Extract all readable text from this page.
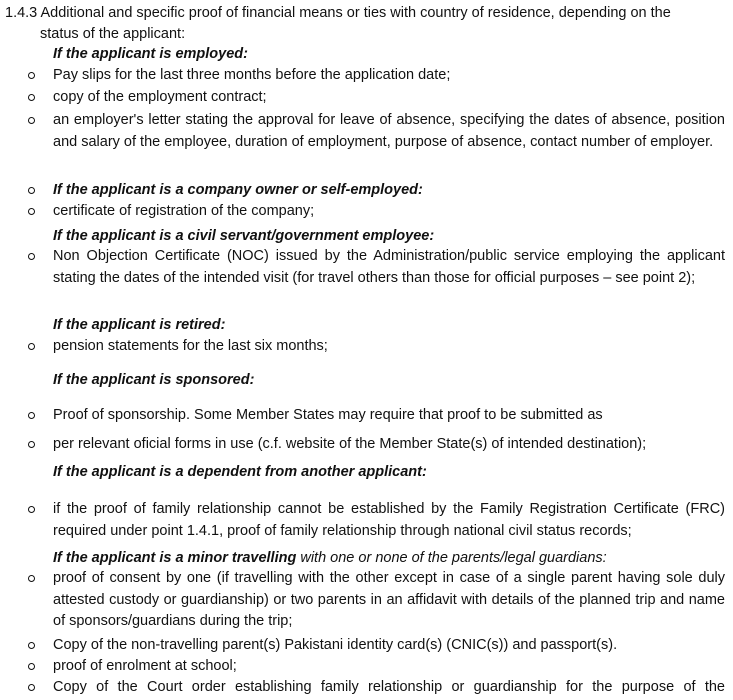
1.4.3 Additional and specific proof of financial means or ties with country of residence, depending on the
status of the applicant:
If the applicant is employed:
Pay slips for the last three months before the application date;
copy of the employment contract;
an employer's letter stating the approval for leave of absence, specifying the dates of absence, position and salary of the employee, duration of employment, purpose of absence, contact number of employer.
If the applicant is a company owner or self-employed:
certificate of registration of the company;
If the applicant is a civil servant/government employee:
Non Objection Certificate (NOC) issued by the Administration/public service employing the applicant stating the dates of the intended visit (for travel others than those for official purposes – see point 2);
If the applicant is retired:
pension statements for the last six months;
If the applicant is sponsored:
Proof of sponsorship. Some Member States may require that proof to be submitted as
per relevant oficial forms in use (c.f. website of the Member State(s) of intended destination);
If the applicant is a dependent from another applicant:
if the proof of family relationship cannot be established by the Family Registration Certificate (FRC) required under point 1.4.1, proof of family relationship through national civil status records;
If the applicant is a minor travelling with one or none of the parents/legal guardians:
proof of consent by one (if travelling with the other except in case of a single parent having sole duly attested custody or guardianship) or two parents in an affidavit with details of the planned trip and name of sponsors/guardians during the trip;
Copy of the non-travelling parent(s) Pakistani identity card(s) (CNIC(s)) and passport(s).
proof of enrolment at school;
Copy of the Court order establishing family relationship or guardianship for the purpose of the
